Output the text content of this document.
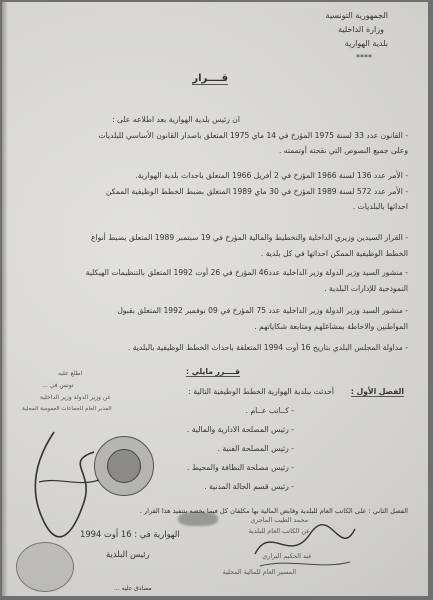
الجمهورية التونسية
وزارة الداخلية
بلدية الهوارية
****
قــــرار
ان رئيس بلدية الهوارية بعد اطلاعه على :
- القانون عدد 33 لسنة 1975 المؤرخ في 14 ماي 1975 المتعلق باصدار القانون الأساسي للبلديات
وعلى جميع النصوص التي نقحته أوتممته .
- الأمر عدد 136 لسنة 1966 المؤرخ في 2 أفريل 1966 المتعلق باحداث بلدية الهوارية.
- الأمر عدد 572 لسنة 1989 المؤرخ في 30 ماي 1989 المتعلق بضبط الخطط الوظيفية الممكن
احداثها بالبلديات .
- القرار السيدين وزيري الداخلية والتخطيط والمالية المؤرخ في 19 سبتمبر 1989 المتعلق بضبط أنواع
الخطط الوظيفية الممكن احداثها في كل بلدية .
- منشور السيد وزير الدولة وزير الداخلية عدد46 المؤرخ في 26 أوت 1992 المتعلق بالتنظيمات الهيكلية
النموذجية للإدارات البلدية .
- منشور السيد وزير الدولة وزير الداخلية عدد 75 المؤرخ في 09 نوفمبر 1992 المتعلق بقبول
المواطنين والاحاطة بمشاغلهم ومتابعة شكاياتهم .
- مداولة المجلس البلدي بتاريخ 16 أوت 1994 المتعلقة باحداث الخطط الوظيفية بالبلدية .
قــــرر مايلي :
الفصل الأول :
أحدثت ببلدية الهوارية الخطط الوظيفية التالية :
- كــاتب عــام .
- رئيس المصلحة الادارية والمالية .
- رئيس المصلحة الفنية .
- رئيس مصلحة النظافة والمحيط .
- رئيس قسم الحالة المدنية .
الفصل الثاني : على الكاتب العام للبلدية وقابض المالية بها مكلفان كل فيما يخصه بتنفيذ هذا القرار .
الهوارية في : 16 أوت 1994
رئيس البلدية
مصادق عليه ...
اطلع عليه
تونس في ...
عن وزير الدولة وزير الداخلية
المدير العام للجماعات العمومية المحلية
محمد الطيب الماجري
عن الكاتب العام للبلدية
عبد الحكيم البراري
المسير العام للمالية المحلية
